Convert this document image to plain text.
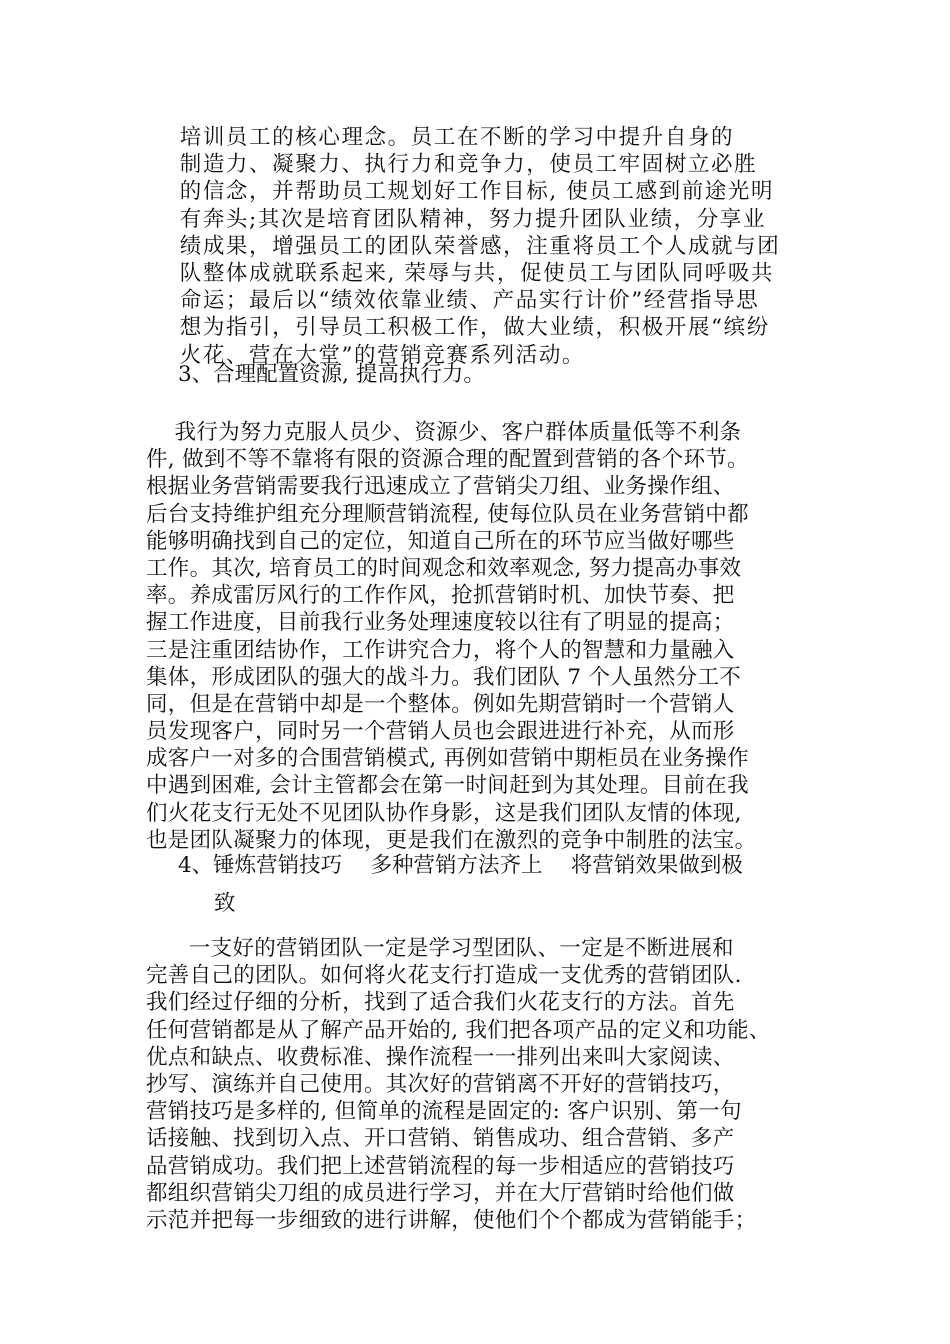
培训员工的核心理念。员工在不断的学习中提升自身的
制造力、凝聚力、执行力和竞争力，使员工牢固树立必胜
的信念，并帮助员工规划好工作目标, 使员工感到前途光明
有奔头;其次是培育团队精神，努力提升团队业绩，分享业
绩成果，增强员工的团队荣誉感，注重将员工个人成就与团
队整体成就联系起来, 荣辱与共，促使员工与团队同呼吸共
命运；最后以“绩效依靠业绩、产品实行计价”经营指导思
想为指引，引导员工积极工作，做大业绩，积极开展“缤纷
火花、营在大堂”的营销竞赛系列活动。
3、合理配置资源, 提高执行力。
我行为努力克服人员少、资源少、客户群体质量低等不利条
件, 做到不等不靠将有限的资源合理的配置到营销的各个环节。
根据业务营销需要我行迅速成立了营销尖刀组、业务操作组、
后台支持维护组充分理顺营销流程, 使每位队员在业务营销中都
能够明确找到自己的定位，知道自己所在的环节应当做好哪些
工作。其次, 培育员工的时间观念和效率观念, 努力提高办事效
率。养成雷厉风行的工作作风，抢抓营销时机、加快节奏、把
握工作进度，目前我行业务处理速度较以往有了明显的提高；
三是注重团结协作，工作讲究合力，将个人的智慧和力量融入
集体，形成团队的强大的战斗力。我们团队 7 个人虽然分工不
同，但是在营销中却是一个整体。例如先期营销时一个营销人
员发现客户，同时另一个营销人员也会跟进进行补充，从而形
成客户一对多的合围营销模式, 再例如营销中期柜员在业务操作
中遇到困难, 会计主管都会在第一时间赶到为其处理。目前在我
们火花支行无处不见团队协作身影，这是我们团队友情的体现,
也是团队凝聚力的体现，更是我们在激烈的竞争中制胜的法宝。
4、锤炼营销技巧　 多种营销方法齐上　 将营销效果做到极
致
一支好的营销团队一定是学习型团队、一定是不断进展和
完善自己的团队。如何将火花支行打造成一支优秀的营销团队.
我们经过仔细的分析，找到了适合我们火花支行的方法。首先
任何营销都是从了解产品开始的, 我们把各项产品的定义和功能、
优点和缺点、收费标准、操作流程一一排列出来叫大家阅读、
抄写、演练并自己使用。其次好的营销离不开好的营销技巧，
营销技巧是多样的, 但简单的流程是固定的: 客户识别、第一句
话接触、找到切入点、开口营销、销售成功、组合营销、多产
品营销成功。我们把上述营销流程的每一步相适应的营销技巧
都组织营销尖刀组的成员进行学习，并在大厅营销时给他们做
示范并把每一步细致的进行讲解，使他们个个都成为营销能手；
